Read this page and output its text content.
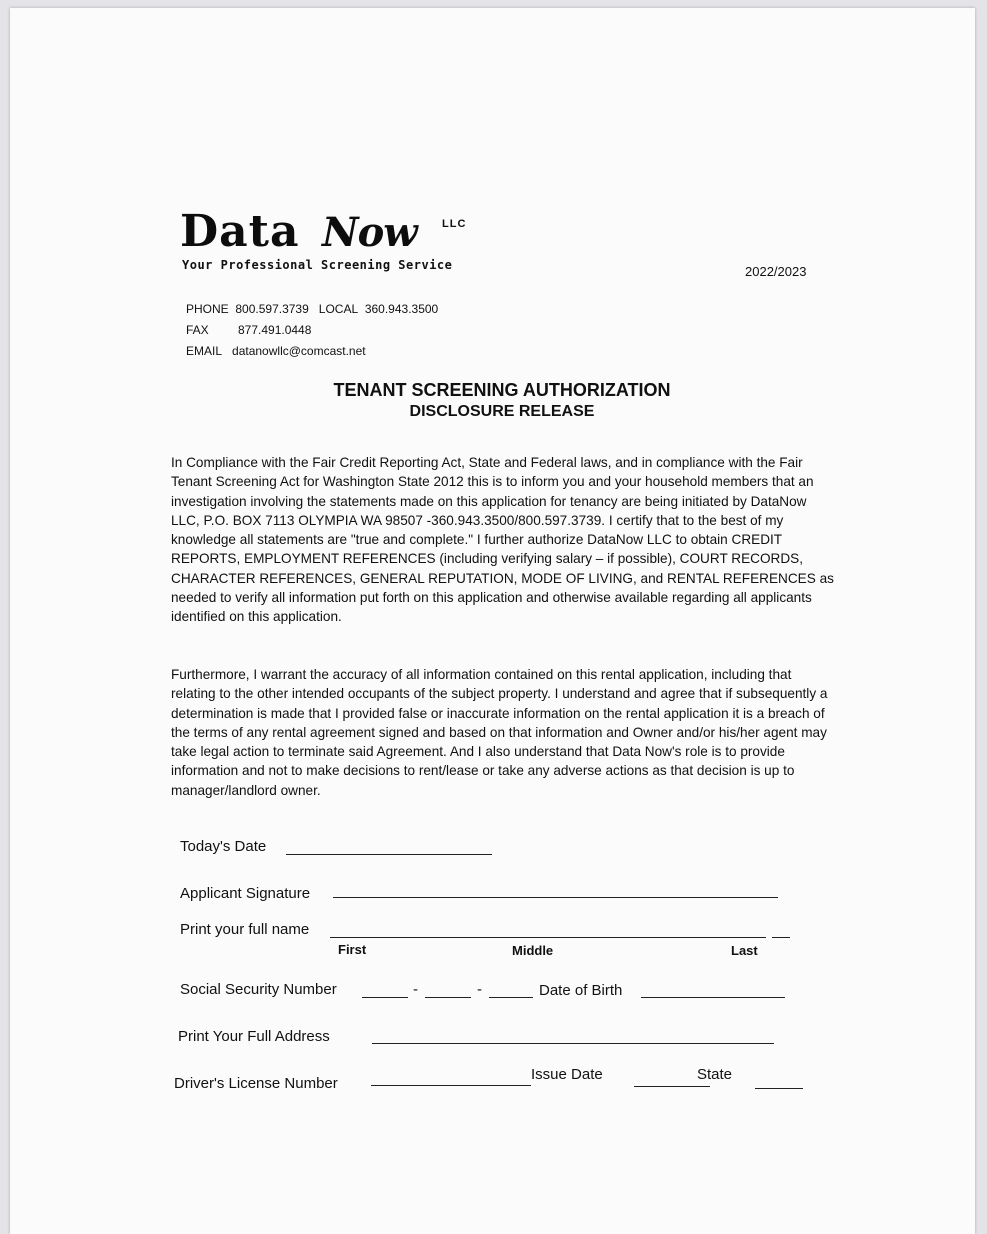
Data Now LLC
Your Professional Screening Service	2022/2023
PHONE 800.597.3739 LOCAL 360.943.3500
FAX 877.491.0448
EMAIL datanowllc@comcast.net
TENANT SCREENING AUTHORIZATION
DISCLOSURE RELEASE
In Compliance with the Fair Credit Reporting Act, State and Federal laws, and in compliance with the Fair Tenant Screening Act for Washington State 2012 this is to inform you and your household members that an investigation involving the statements made on this application for tenancy are being initiated by DataNow LLC, P.O. BOX 7113 OLYMPIA WA 98507 -360.943.3500/800.597.3739. I certify that to the best of my knowledge all statements are "true and complete." I further authorize DataNow LLC to obtain CREDIT REPORTS, EMPLOYMENT REFERENCES (including verifying salary – if possible), COURT RECORDS, CHARACTER REFERENCES, GENERAL REPUTATION, MODE OF LIVING, and RENTAL REFERENCES as needed to verify all information put forth on this application and otherwise available regarding all applicants identified on this application.
Furthermore, I warrant the accuracy of all information contained on this rental application, including that relating to the other intended occupants of the subject property. I understand and agree that if subsequently a determination is made that I provided false or inaccurate information on the rental application it is a breach of the terms of any rental agreement signed and based on that information and Owner and/or his/her agent may take legal action to terminate said Agreement. And I also understand that Data Now's role is to provide information and not to make decisions to rent/lease or take any adverse actions as that decision is up to manager/landlord owner.
Today's Date
Applicant Signature
Print your full name
First	Middle	Last
Social Security Number	-	-	Date of Birth
Print Your Full Address
Driver's License Number
Issue Date	State
